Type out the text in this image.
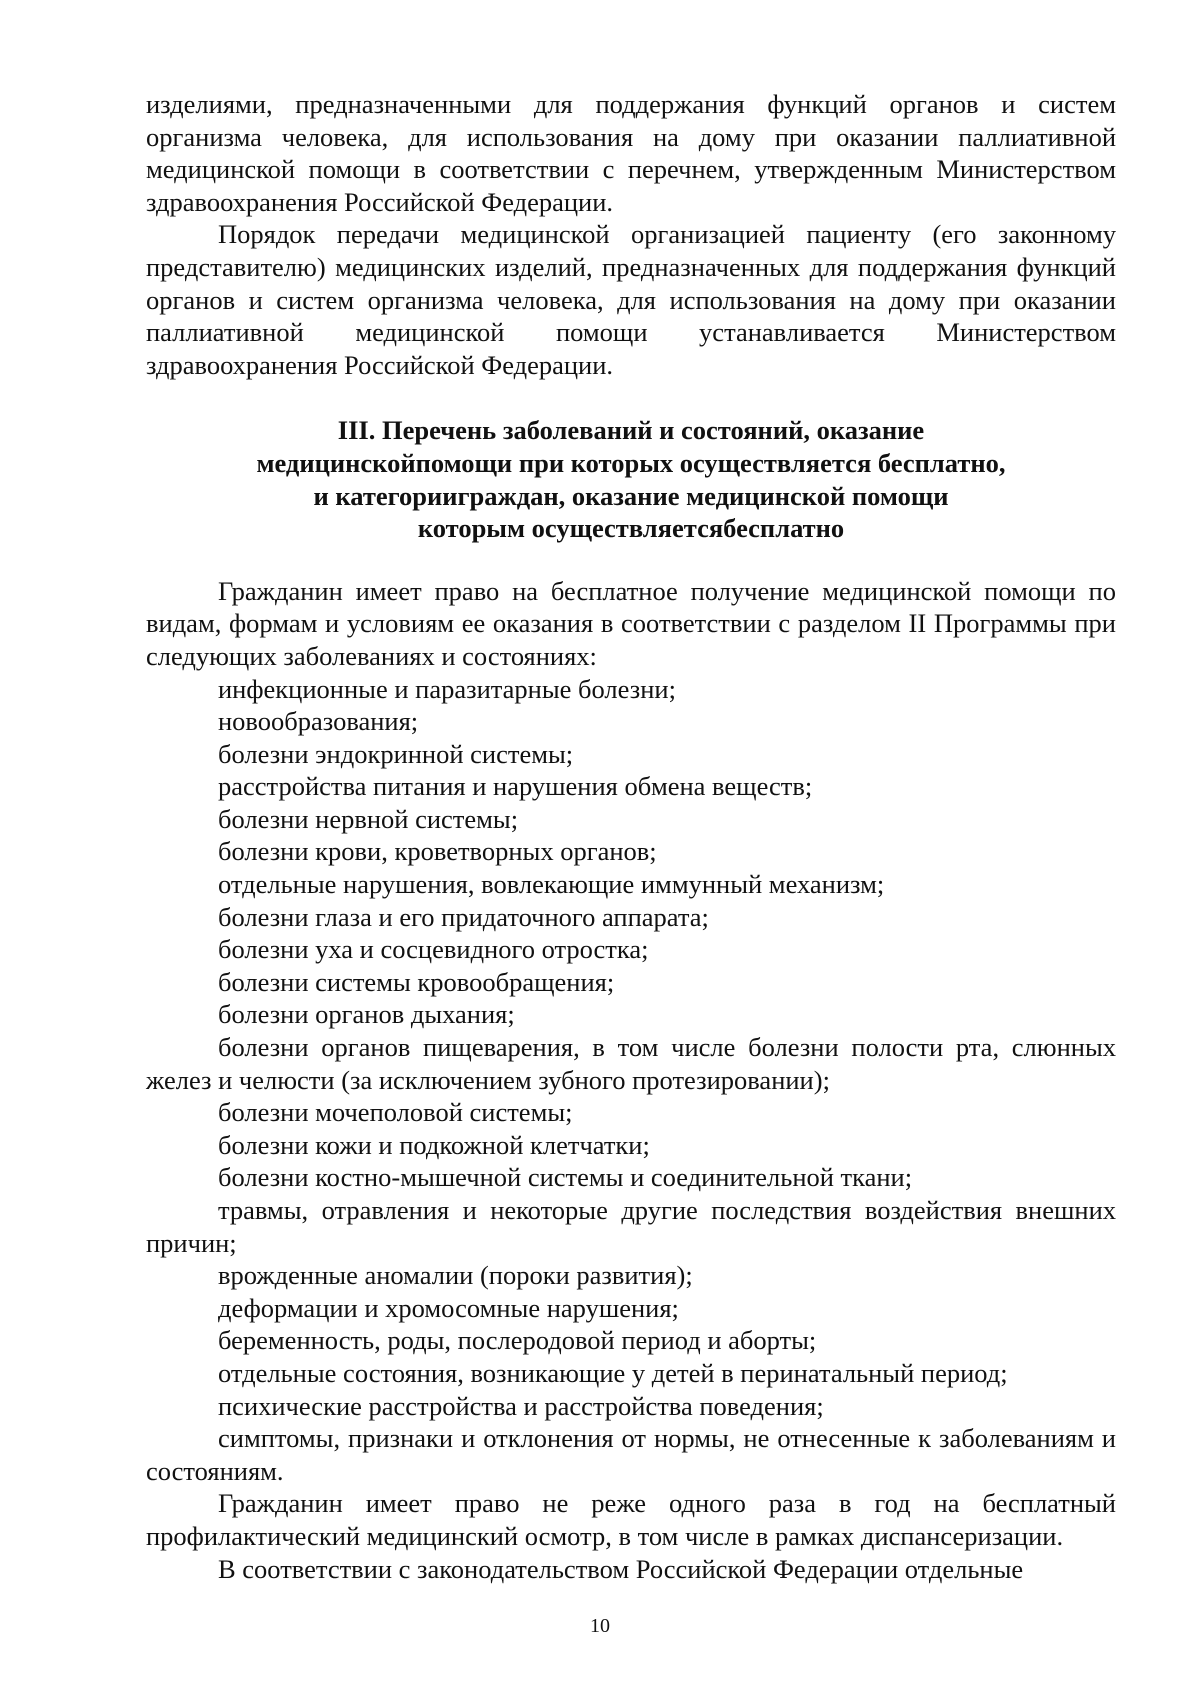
изделиями, предназначенными для поддержания функций органов и систем организма человека, для использования на дому при оказании паллиативной медицинской помощи в соответствии с перечнем, утвержденным Министерством здравоохранения Российской Федерации.

Порядок передачи медицинской организацией пациенту (его законному представителю) медицинских изделий, предназначенных для поддержания функций органов и систем организма человека, для использования на дому при оказании паллиативной медицинской помощи устанавливается Министерством здравоохранения Российской Федерации.

III. Перечень заболеваний и состояний, оказание
медицинскойпомощи при которых осуществляется бесплатно,
и категорииграждан, оказание медицинской помощи
которым осуществляетсябесплатно

Гражданин имеет право на бесплатное получение медицинской помощи по видам, формам и условиям ее оказания в соответствии с разделом II Программы при следующих заболеваниях и состояниях:

инфекционные и паразитарные болезни;

новообразования;

болезни эндокринной системы;

расстройства питания и нарушения обмена веществ;

болезни нервной системы;

болезни крови, кроветворных органов;

отдельные нарушения, вовлекающие иммунный механизм;

болезни глаза и его придаточного аппарата;

болезни уха и сосцевидного отростка;

болезни системы кровообращения;

болезни органов дыхания;

болезни органов пищеварения, в том числе болезни полости рта, слюнных желез и челюсти (за исключением зубного протезировании);

болезни мочеполовой системы;

болезни кожи и подкожной клетчатки;

болезни костно-мышечной системы и соединительной ткани;

травмы, отравления и некоторые другие последствия воздействия внешних причин;

врожденные аномалии (пороки развития);

деформации и хромосомные нарушения;

беременность, роды, послеродовой период и аборты;

отдельные состояния, возникающие у детей в перинатальный период;

психические расстройства и расстройства поведения;

симптомы, признаки и отклонения от нормы, не отнесенные к заболеваниям и состояниям.

Гражданин имеет право не реже одного раза в год на бесплатный профилактический медицинский осмотр, в том числе в рамках диспансеризации.

В соответствии с законодательством Российской Федерации отдельные

10
